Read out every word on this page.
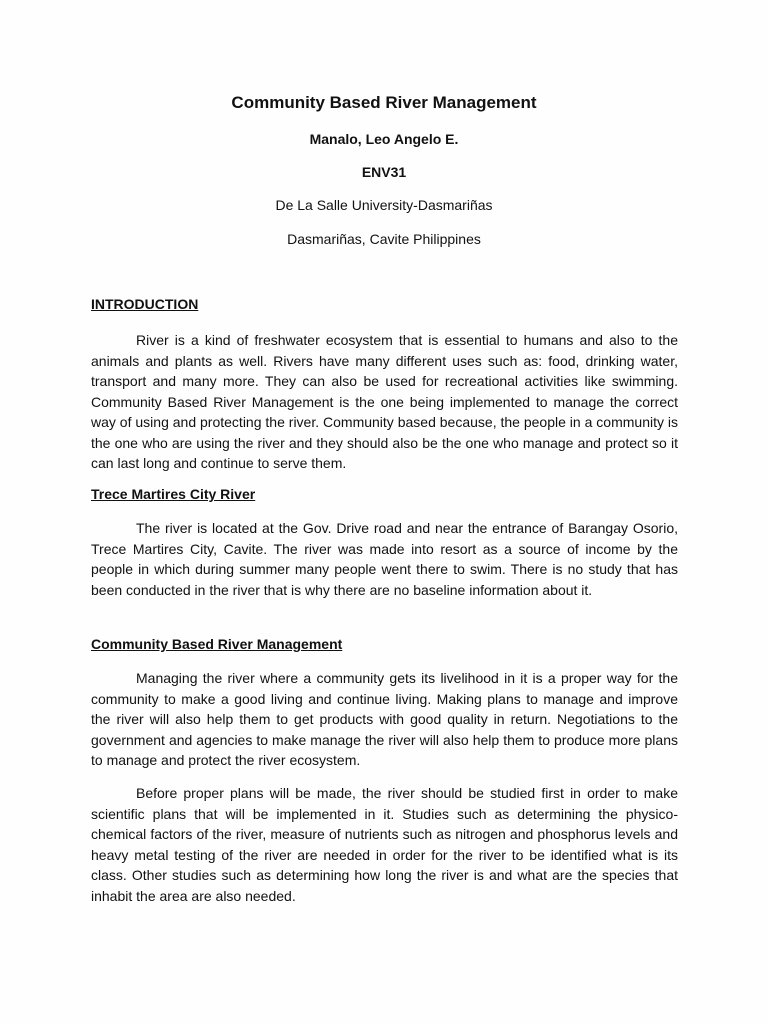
Community Based River Management
Manalo, Leo Angelo E.
ENV31
De La Salle University-Dasmariñas
Dasmariñas, Cavite Philippines
INTRODUCTION

River is a kind of freshwater ecosystem that is essential to humans and also to the animals and plants as well. Rivers have many different uses such as: food, drinking water, transport and many more. They can also be used for recreational activities like swimming. Community Based River Management is the one being implemented to manage the correct way of using and protecting the river. Community based because, the people in a community is the one who are using the river and they should also be the one who manage and protect so it can last long and continue to serve them.

Trece Martires City River

The river is located at the Gov. Drive road and near the entrance of Barangay Osorio, Trece Martires City, Cavite. The river was made into resort as a source of income by the people in which during summer many people went there to swim. There is no study that has been conducted in the river that is why there are no baseline information about it.

Community Based River Management

Managing the river where a community gets its livelihood in it is a proper way for the community to make a good living and continue living. Making plans to manage and improve the river will also help them to get products with good quality in return. Negotiations to the government and agencies to make manage the river will also help them to produce more plans to manage and protect the river ecosystem.

Before proper plans will be made, the river should be studied first in order to make scientific plans that will be implemented in it. Studies such as determining the physico-chemical factors of the river, measure of nutrients such as nitrogen and phosphorus levels and heavy metal testing of the river are needed in order for the river to be identified what is its class. Other studies such as determining how long the river is and what are the species that inhabit the area are also needed.
